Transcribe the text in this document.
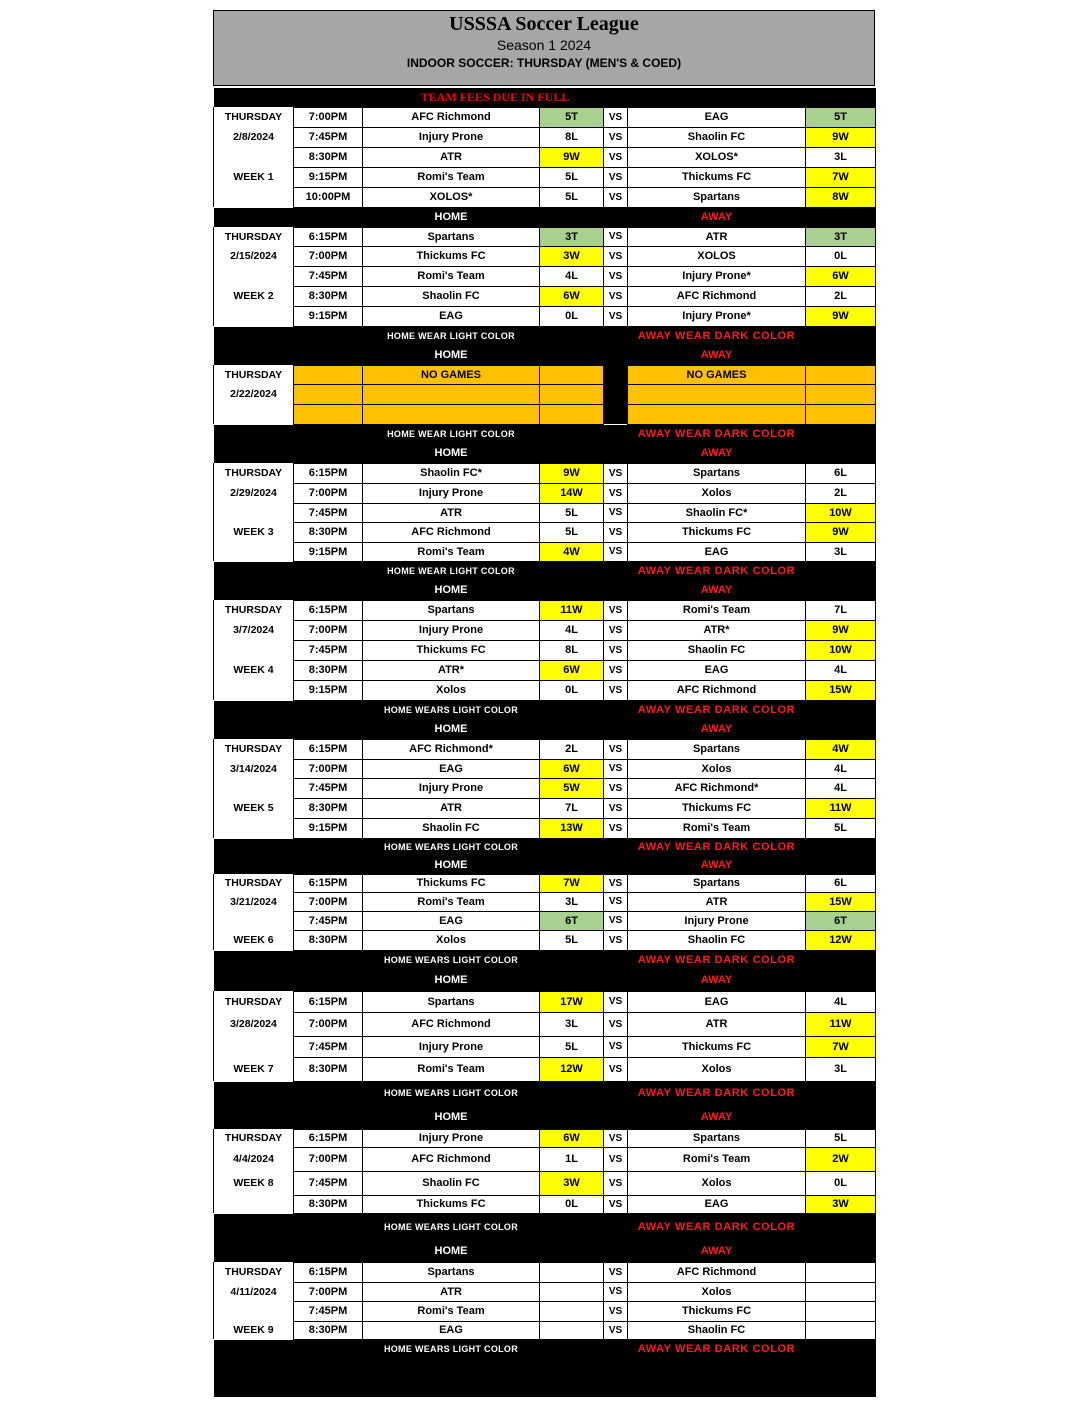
USSSA Soccer League
Season 1 2024
INDOOR SOCCER: THURSDAY (MEN'S & COED)
		TEAM FEES DUE IN FULL				
THURSDAY	7:00PM	AFC Richmond	5T	VS	EAG	5T
2/8/2024	7:45PM	Injury Prone	8L	VS	Shaolin FC	9W
	8:30PM	ATR	9W	VS	XOLOS*	3L
WEEK 1	9:15PM	Romi's Team	5L	VS	Thickums FC	7W
	10:00PM	XOLOS*	5L	VS	Spartans	8W
		HOME			AWAY	
THURSDAY	6:15PM	Spartans	3T	VS	ATR	3T
2/15/2024	7:00PM	Thickums FC	3W	VS	XOLOS	0L
	7:45PM	Romi's Team	4L	VS	Injury Prone*	6W
WEEK 2	8:30PM	Shaolin FC	6W	VS	AFC Richmond	2L
	9:15PM	EAG	0L	VS	Injury Prone*	9W
		HOME WEAR LIGHT COLOR			AWAY WEAR DARK COLOR	
		HOME			AWAY	
THURSDAY		NO GAMES			NO GAMES	
2/22/2024						

		HOME WEAR LIGHT COLOR			AWAY WEAR DARK COLOR	
		HOME			AWAY	
THURSDAY	6:15PM	Shaolin FC*	9W	VS	Spartans	6L
2/29/2024	7:00PM	Injury Prone	14W	VS	Xolos	2L
	7:45PM	ATR	5L	VS	Shaolin FC*	10W
WEEK 3	8:30PM	AFC Richmond	5L	VS	Thickums FC	9W
	9:15PM	Romi's Team	4W	VS	EAG	3L
		HOME WEAR LIGHT COLOR			AWAY WEAR DARK COLOR	
		HOME			AWAY	
THURSDAY	6:15PM	Spartans	11W	VS	Romi's Team	7L
3/7/2024	7:00PM	Injury Prone	4L	VS	ATR*	9W
	7:45PM	Thickums FC	8L	VS	Shaolin FC	10W
WEEK 4	8:30PM	ATR*	6W	VS	EAG	4L
	9:15PM	Xolos	0L	VS	AFC Richmond	15W
		HOME WEARS LIGHT COLOR			AWAY WEAR DARK COLOR	
		HOME			AWAY	
THURSDAY	6:15PM	AFC Richmond*	2L	VS	Spartans	4W
3/14/2024	7:00PM	EAG	6W	VS	Xolos	4L
	7:45PM	Injury Prone	5W	VS	AFC Richmond*	4L
WEEK 5	8:30PM	ATR	7L	VS	Thickums FC	11W
	9:15PM	Shaolin FC	13W	VS	Romi's Team	5L
		HOME WEARS LIGHT COLOR			AWAY WEAR DARK COLOR	
		HOME			AWAY	
THURSDAY	6:15PM	Thickums FC	7W	VS	Spartans	6L
3/21/2024	7:00PM	Romi's Team	3L	VS	ATR	15W
	7:45PM	EAG	6T	VS	Injury Prone	6T
WEEK 6	8:30PM	Xolos	5L	VS	Shaolin FC	12W
		HOME WEARS LIGHT COLOR			AWAY WEAR DARK COLOR	
		HOME			AWAY	
THURSDAY	6:15PM	Spartans	17W	VS	EAG	4L
3/28/2024	7:00PM	AFC Richmond	3L	VS	ATR	11W
	7:45PM	Injury Prone	5L	VS	Thickums FC	7W
WEEK 7	8:30PM	Romi's Team	12W	VS	Xolos	3L
		HOME WEARS LIGHT COLOR			AWAY WEAR DARK COLOR	
		HOME			AWAY	
THURSDAY	6:15PM	Injury Prone	6W	VS	Spartans	5L
4/4/2024	7:00PM	AFC Richmond	1L	VS	Romi's Team	2W
WEEK 8	7:45PM	Shaolin FC	3W	VS	Xolos	0L
	8:30PM	Thickums FC	0L	VS	EAG	3W
		HOME WEARS LIGHT COLOR			AWAY WEAR DARK COLOR	
		HOME			AWAY	
THURSDAY	6:15PM	Spartans		VS	AFC Richmond	
4/11/2024	7:00PM	ATR		VS	Xolos	
	7:45PM	Romi's Team		VS	Thickums FC	
WEEK 9	8:30PM	EAG		VS	Shaolin FC	
		HOME WEARS LIGHT COLOR			AWAY WEAR DARK COLOR	
